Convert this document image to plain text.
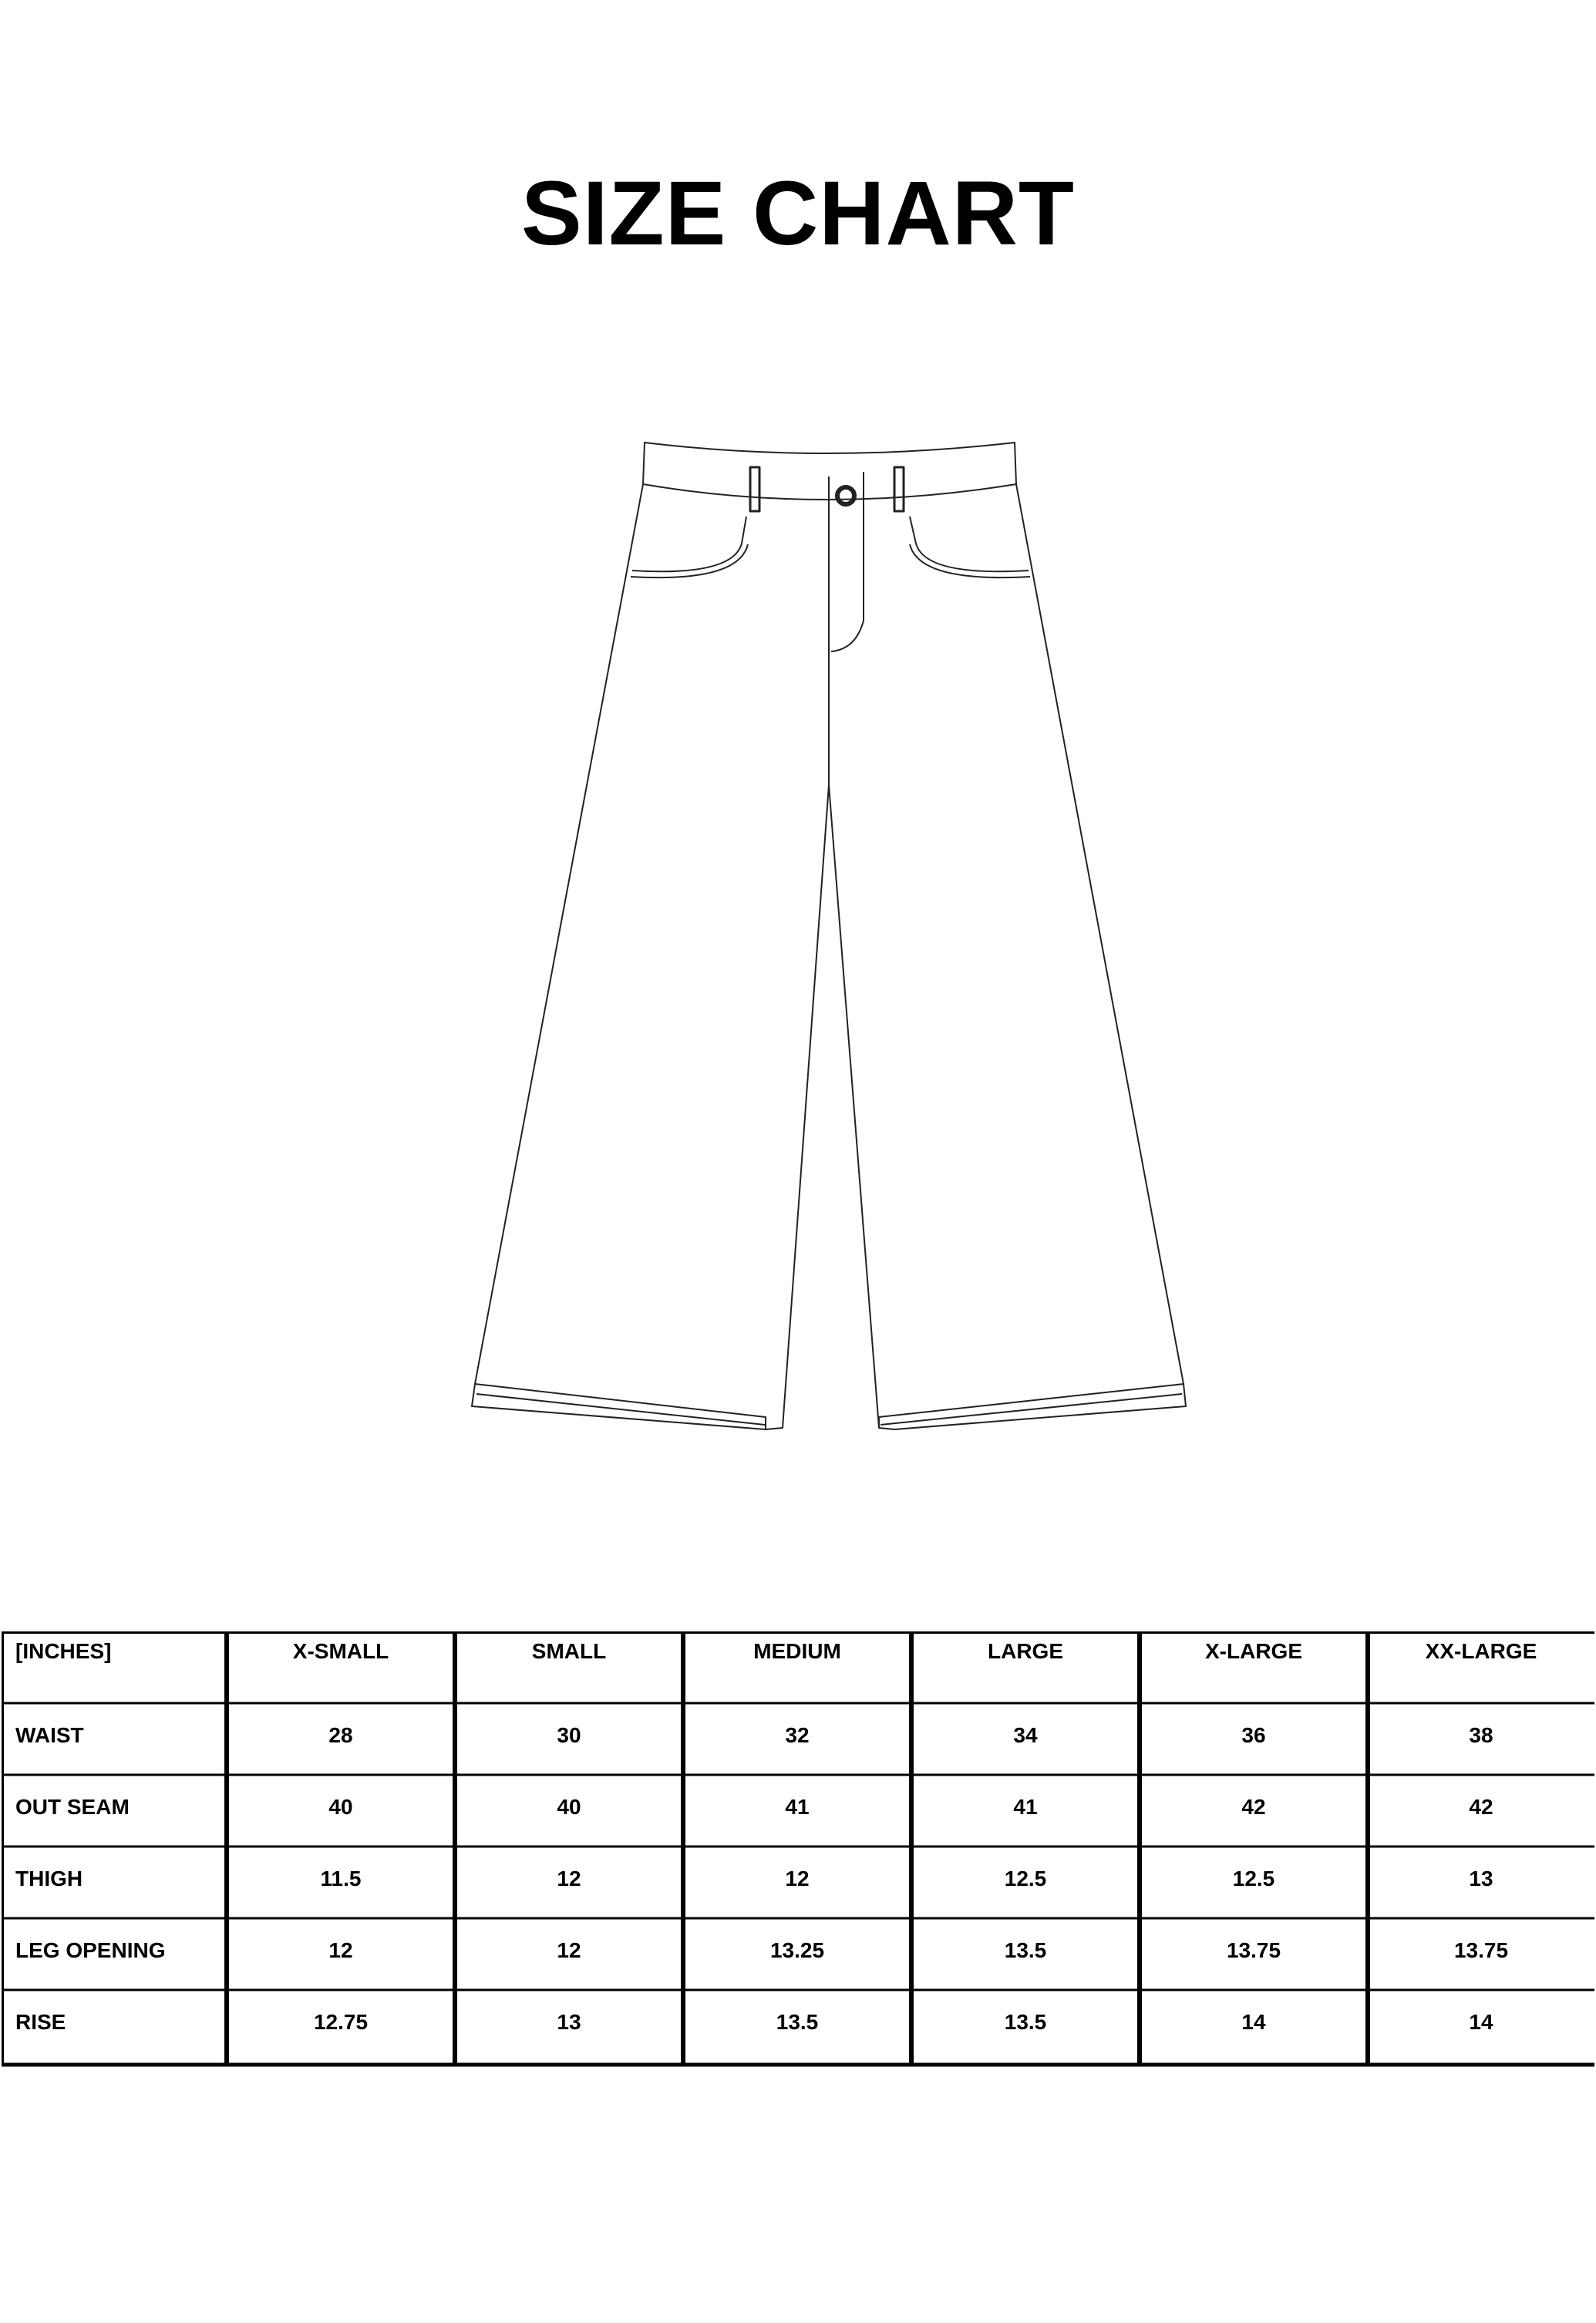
SIZE CHART
[INCHES]	X-SMALL	SMALL	MEDIUM	LARGE	X-LARGE	XX-LARGE
WAIST	28	30	32	34	36	38
OUT SEAM	40	40	41	41	42	42
THIGH	11.5	12	12	12.5	12.5	13
LEG OPENING	12	12	13.25	13.5	13.75	13.75
RISE	12.75	13	13.5	13.5	14	14
